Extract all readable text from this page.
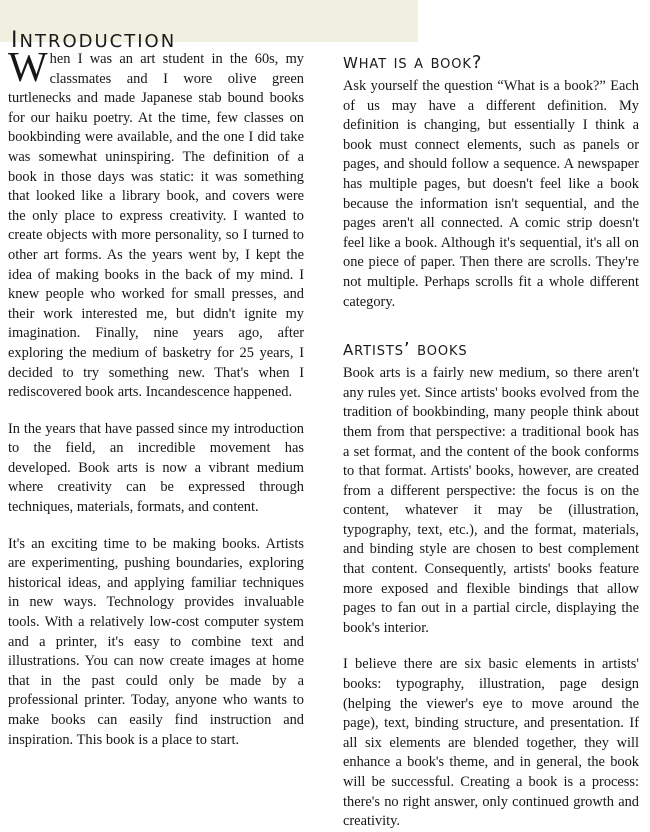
introduction

When I was an art student in the 60s, my classmates and I wore olive green turtlenecks and made Japanese stab bound books for our haiku poetry. At the time, few classes on bookbinding were available, and the one I did take was somewhat uninspiring. The definition of a book in those days was static: it was something that looked like a library book, and covers were the only place to express creativity. I wanted to create objects with more personality, so I turned to other art forms. As the years went by, I kept the idea of making books in the back of my mind. I knew people who worked for small presses, and their work interested me, but didn't ignite my imagination. Finally, nine years ago, after exploring the medium of basketry for 25 years, I decided to try something new. That's when I rediscovered book arts. Incandescence happened.

In the years that have passed since my introduction to the field, an incredible movement has developed. Book arts is now a vibrant medium where creativity can be expressed through techniques, materials, formats, and content.

It's an exciting time to be making books. Artists are experimenting, pushing boundaries, exploring historical ideas, and applying familiar techniques in new ways. Technology provides invaluable tools. With a relatively low-cost computer system and a printer, it's easy to combine text and illustrations. You can now create images at home that in the past could only be made by a professional printer. Today, anyone who wants to make books can easily find instruction and inspiration. This book is a place to start.

what is a book?

Ask yourself the question “What is a book?” Each of us may have a different definition. My definition is changing, but essentially I think a book must connect elements, such as panels or pages, and should follow a sequence. A newspaper has multiple pages, but doesn't feel like a book because the information isn't sequential, and the pages aren't all connected. A comic strip doesn't feel like a book. Although it's sequential, it's all on one piece of paper. Then there are scrolls. They're not multiple. Perhaps scrolls fit a whole different category.

artists’ books

Book arts is a fairly new medium, so there aren't any rules yet. Since artists' books evolved from the tradition of bookbinding, many people think about them from that perspective: a traditional book has a set format, and the content of the book conforms to that format. Artists' books, however, are created from a different perspective: the focus is on the content, whatever it may be (illustration, typography, text, etc.), and the format, materials, and binding style are chosen to best complement that content. Consequently, artists' books feature more exposed and flexible bindings that allow pages to fan out in a partial circle, displaying the book's interior.

I believe there are six basic elements in artists' books: typography, illustration, page design (helping the viewer's eye to move around the page), text, binding structure, and presentation. If all six elements are blended together, they will enhance a book's theme, and in general, the book will be successful. Creating a book is a process: there's no right answer, only continued growth and creativity.
